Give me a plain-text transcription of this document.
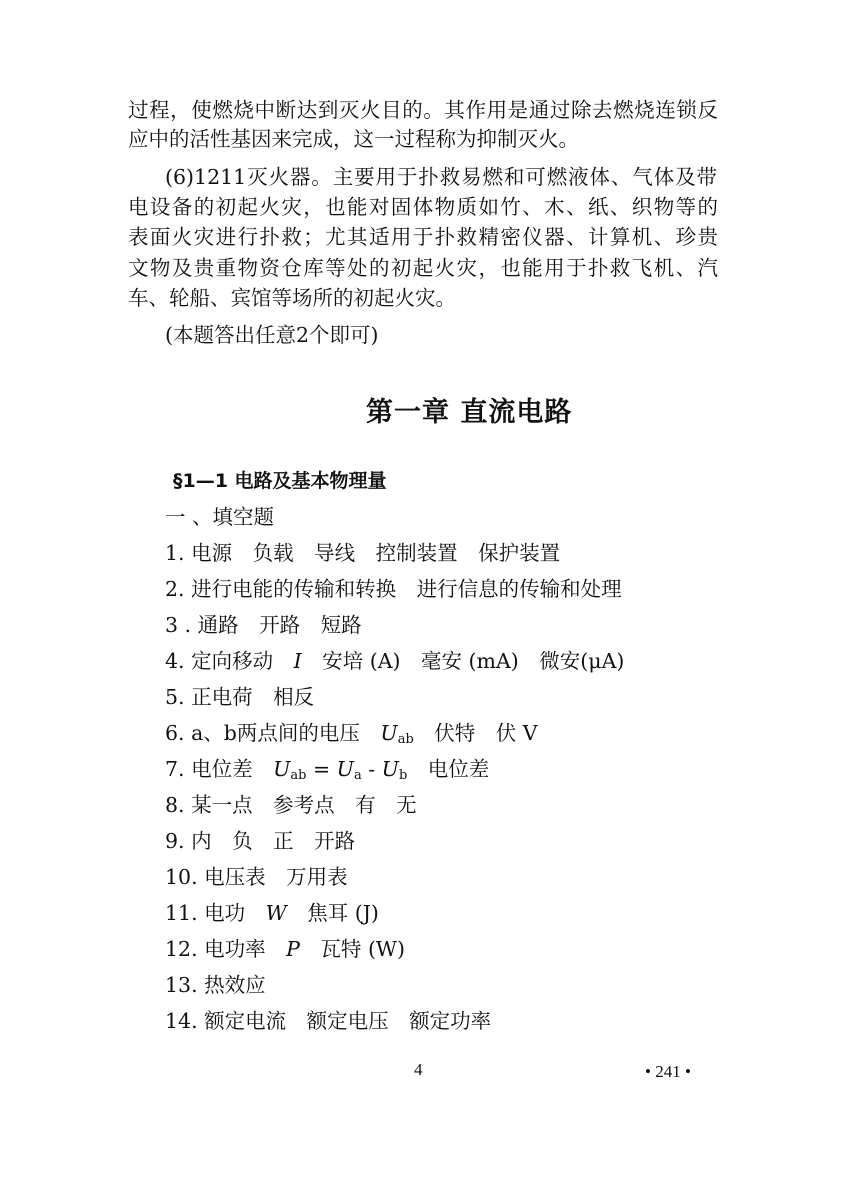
过程，使燃烧中断达到灭火目的。其作用是通过除去燃烧连锁反
应中的活性基因来完成，这一过程称为抑制灭火。
(6)1211灭火器。主要用于扑救易燃和可燃液体、气体及带
电设备的初起火灾，也能对固体物质如竹、木、纸、织物等的
表面火灾进行扑救；尤其适用于扑救精密仪器、计算机、珍贵
文物及贵重物资仓库等处的初起火灾，也能用于扑救飞机、汽
车、轮船、宾馆等场所的初起火灾。
(本题答出任意2个即可)
第一章 直流电路
§1—1 电路及基本物理量
一 、填空题
1. 电源　负载　导线　控制装置　保护装置
2. 进行电能的传输和转换　进行信息的传输和处理
3 . 通路　开路　短路
4. 定向移动　I　安培 (A)　毫安 (mA)　微安(μA)
5. 正电荷　相反
6. a、b两点间的电压　$U_{ab}$　伏特　伏 V
7. 电位差　$U_{ab} = U_a - U_b$　电位差
8. 某一点　参考点　有　无
9. 内　负　正　开路
10. 电压表　万用表
11. 电功　W　焦耳 (J)
12. 电功率　P　瓦特 (W)
13. 热效应
14. 额定电流　额定电压　额定功率
4	• 241 •
